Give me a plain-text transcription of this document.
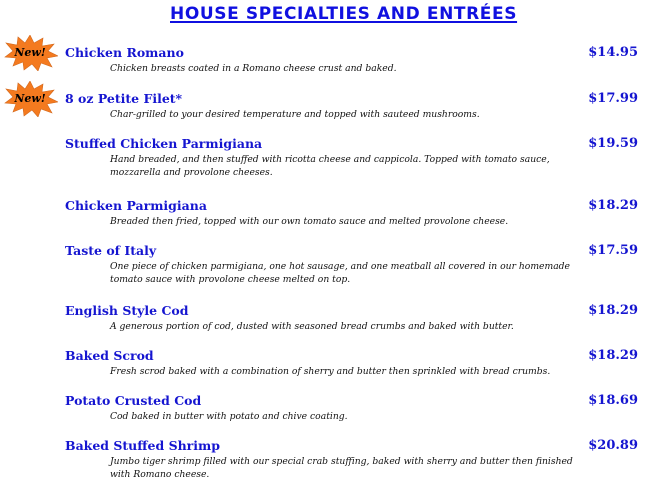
HOUSE SPECIALTIES AND ENTRÉES
New!	Chicken Romano	$14.95
Chicken breasts coated in a Romano cheese crust and baked.
New!	8 oz Petite Filet*	$17.99
Char-grilled to your desired temperature and topped with sauteed mushrooms.
Stuffed Chicken Parmigiana	$19.59
Hand breaded, and then stuffed with ricotta cheese and cappicola. Topped with tomato sauce, mozzarella and provolone cheeses.
Chicken Parmigiana	$18.29
Breaded then fried, topped with our own tomato sauce and melted provolone cheese.
Taste of Italy	$17.59
One piece of chicken parmigiana, one hot sausage, and one meatball all covered in our homemade tomato sauce with provolone cheese melted on top.
English Style Cod	$18.29
A generous portion of cod, dusted with seasoned bread crumbs and baked with butter.
Baked Scrod	$18.29
Fresh scrod baked with a combination of sherry and butter then sprinkled with bread crumbs.
Potato Crusted Cod	$18.69
Cod baked in butter with potato and chive coating.
Baked Stuffed Shrimp	$20.89
Jumbo tiger shrimp filled with our special crab stuffing, baked with sherry and butter then finished with Romano cheese.
